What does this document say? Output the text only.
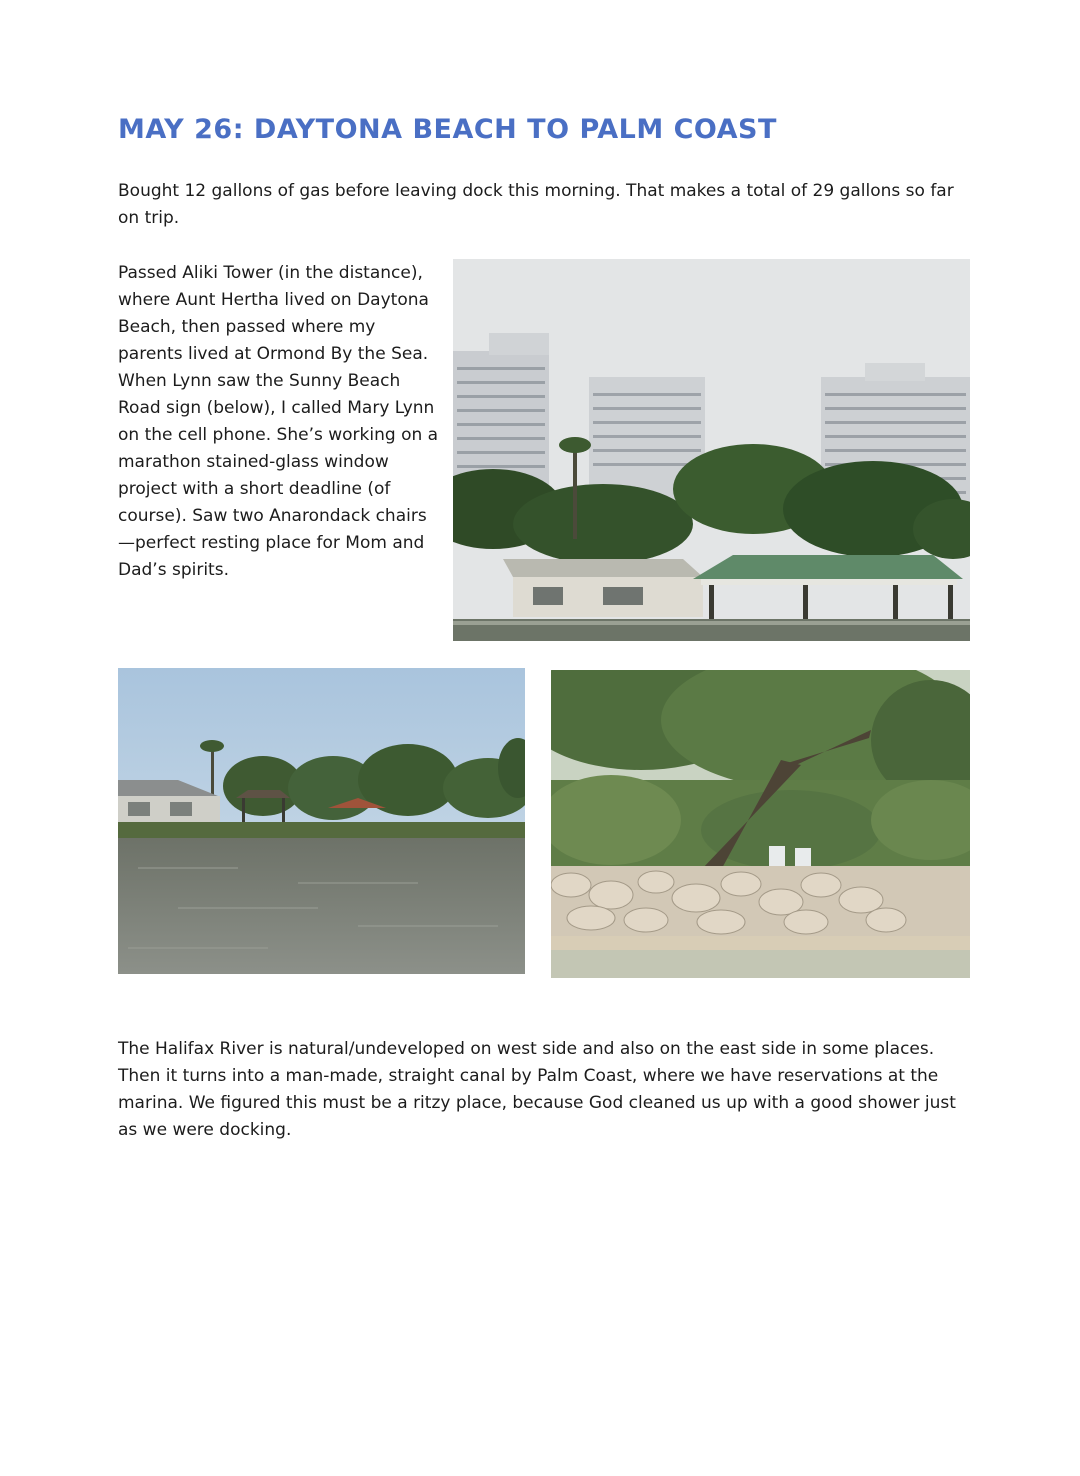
MAY 26: DAYTONA BEACH TO PALM COAST

Bought 12 gallons of gas before leaving dock this morning. That makes a total of 29 gallons so far on trip.

Passed Aliki Tower (in the distance), where Aunt Hertha lived on Daytona Beach, then passed where my parents lived at Ormond By the Sea. When Lynn saw the Sunny Beach Road sign (below), I called Mary Lynn on the cell phone. She’s working on a marathon stained-glass window project with a short deadline (of course). Saw two Anarondack chairs—perfect resting place for Mom and Dad’s spirits.

The Halifax River is natural/undeveloped on west side and also on the east side in some places. Then it turns into a man-made, straight canal by Palm Coast, where we have reservations at the marina. We figured this must be a ritzy place, because God cleaned us up with a good shower just as we were docking.
